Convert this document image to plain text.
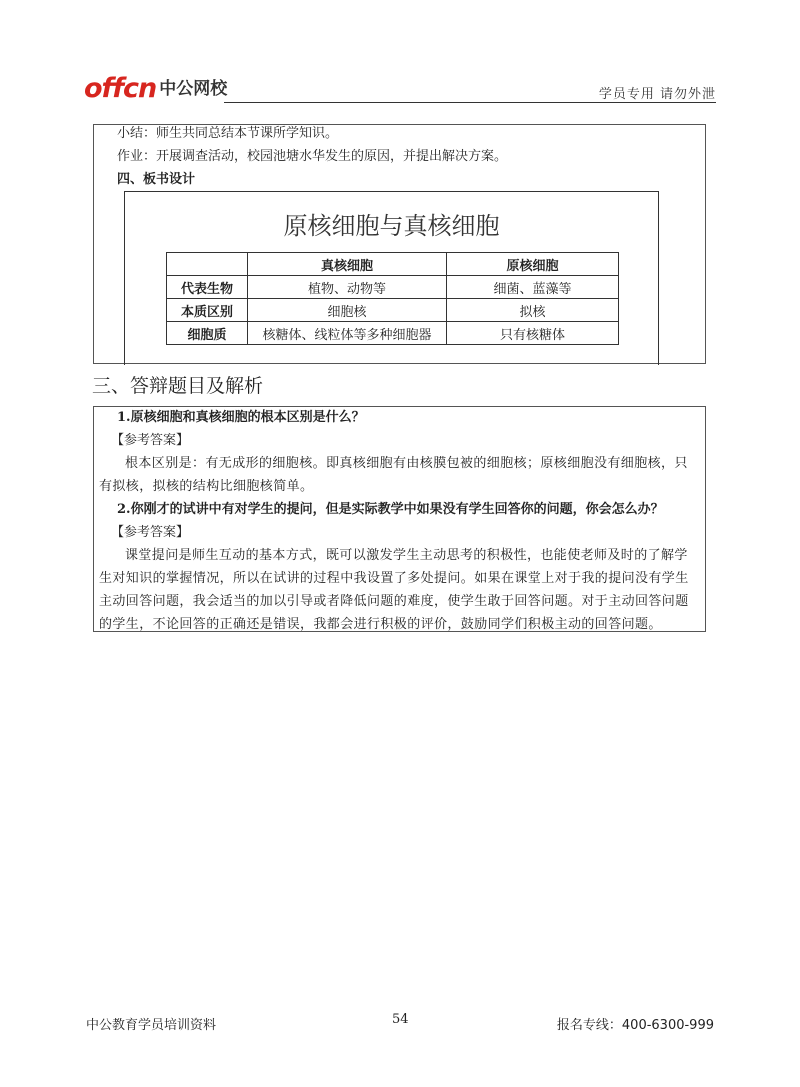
offcn 中公网校	学员专用 请勿外泄
小结：师生共同总结本节课所学知识。
作业：开展调查活动，校园池塘水华发生的原因，并提出解决方案。
四、板书设计
原核细胞与真核细胞
	真核细胞	原核细胞
代表生物	植物、动物等	细菌、蓝藻等
本质区别	细胞核	拟核
细胞质	核糖体、线粒体等多种细胞器	只有核糖体
三、答辩题目及解析
1.原核细胞和真核细胞的根本区别是什么？
【参考答案】
根本区别是：有无成形的细胞核。即真核细胞有由核膜包被的细胞核；原核细胞没有细胞核，只有拟核，拟核的结构比细胞核简单。
2.你刚才的试讲中有对学生的提问，但是实际教学中如果没有学生回答你的问题，你会怎么办？
【参考答案】
课堂提问是师生互动的基本方式，既可以激发学生主动思考的积极性，也能使老师及时的了解学生对知识的掌握情况，所以在试讲的过程中我设置了多处提问。如果在课堂上对于我的提问没有学生主动回答问题，我会适当的加以引导或者降低问题的难度，使学生敢于回答问题。对于主动回答问题的学生，不论回答的正确还是错误，我都会进行积极的评价，鼓励同学们积极主动的回答问题。
中公教育学员培训资料	54	报名专线：400-6300-999
